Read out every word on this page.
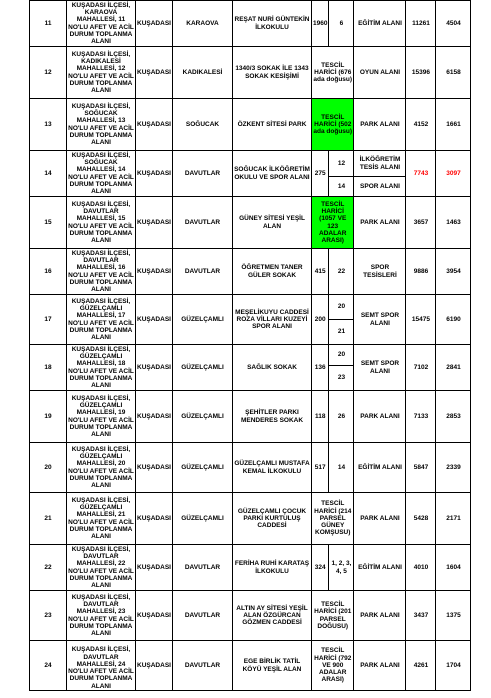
11	KUŞADASI İLÇESİ, KARAOVA MAHALLESİ, 11 NO'LU AFET VE ACİL DURUM TOPLANMA ALANI	KUŞADASI	KARAOVA	REŞAT NURİ GÜNTEKİN İLKOKULU	1960	6	EĞİTİM ALANI	11261	4504
12	KUŞADASI İLÇESİ, KADIKALESİ MAHALLESİ, 12 NO'LU AFET VE ACİL DURUM TOPLANMA ALANI	KUŞADASI	KADIKALESİ	1340/3 SOKAK İLE 1343 SOKAK KESİŞİMİ	TESCİL HARİCİ (676 ada doğusu)		OYUN ALANI	15396	6158
13	KUŞADASI İLÇESİ, SOĞUCAK MAHALLESİ, 13 NO'LU AFET VE ACİL DURUM TOPLANMA ALANI	KUŞADASI	SOĞUCAK	ÖZKENT SİTESİ PARK	TESCİL HARİCİ (502 ada doğusu)		PARK ALANI	4152	1661
14	KUŞADASI İLÇESİ, SOĞUCAK MAHALLESİ, 14 NO'LU AFET VE ACİL DURUM TOPLANMA ALANI	KUŞADASI	DAVUTLAR	SOĞUCAK İLKÖĞRETİM OKULU VE SPOR ALANI	275	12	İLKÖĞRETİM TESİS ALANI	7743	3097
						14	SPOR ALANI		
15	KUŞADASI İLÇESİ, DAVUTLAR MAHALLESİ, 15 NO'LU AFET VE ACİL DURUM TOPLANMA ALANI	KUŞADASI	DAVUTLAR	GÜNEY SİTESİ YEŞİL ALAN	TESCİL HARİCİ (1057 VE 123 ADALAR ARASI)		PARK ALANI	3657	1463
16	KUŞADASI İLÇESİ, DAVUTLAR MAHALLESİ, 16 NO'LU AFET VE ACİL DURUM TOPLANMA ALANI	KUŞADASI	DAVUTLAR	ÖĞRETMEN TANER GÜLER SOKAK	415	22	SPOR TESİSLERİ	9886	3954
17	KUŞADASI İLÇESİ, GÜZELÇAMLI MAHALLESİ, 17 NO'LU AFET VE ACİL DURUM TOPLANMA ALANI	KUŞADASI	GÜZELÇAMLI	MEŞELİKUYU CADDESİ ROZA VİLLARI KUZEYİ SPOR ALANI	200	20	SEMT SPOR ALANI	15475	6190
						21			
18	KUŞADASI İLÇESİ, GÜZELÇAMLI MAHALLESİ, 18 NO'LU AFET VE ACİL DURUM TOPLANMA ALANI	KUŞADASI	GÜZELÇAMLI	SAĞLIK SOKAK	136	20	SEMT SPOR ALANI	7102	2841
						23			
19	KUŞADASI İLÇESİ, GÜZELÇAMLI MAHALLESİ, 19 NO'LU AFET VE ACİL DURUM TOPLANMA ALANI	KUŞADASI	GÜZELÇAMLI	ŞEHİTLER PARKI MENDERES SOKAK	118	26	PARK ALANI	7133	2853
20	KUŞADASI İLÇESİ, GÜZELÇAMLI MAHALLESİ, 20 NO'LU AFET VE ACİL DURUM TOPLANMA ALANI	KUŞADASI	GÜZELÇAMLI	GÜZELÇAMLI MUSTAFA KEMAL İLKOKULU	517	14	EĞİTİM ALANI	5847	2339
21	KUŞADASI İLÇESİ, GÜZELÇAMLI MAHALLESİ, 21 NO'LU AFET VE ACİL DURUM TOPLANMA ALANI	KUŞADASI	GÜZELÇAMLI	GÜZELÇAMLI ÇOCUK PARKI KURTULUŞ CADDESİ	TESCİL HARİCİ (214 PARSEL GÜNEY KOMŞUSU)		PARK ALANI	5428	2171
22	KUŞADASI İLÇESİ, DAVUTLAR MAHALLESİ, 22 NO'LU AFET VE ACİL DURUM TOPLANMA ALANI	KUŞADASI	DAVUTLAR	FERİHA RUHİ KARATAŞ İLKOKULU	324	1, 2, 3, 4, 5	EĞİTİM ALANI	4010	1604
23	KUŞADASI İLÇESİ, DAVUTLAR MAHALLESİ, 23 NO'LU AFET VE ACİL DURUM TOPLANMA ALANI	KUŞADASI	DAVUTLAR	ALTIN AY SİTESİ YEŞİL ALAN ÖZGÜRCAN GÖZMEN CADDESİ	TESCİL HARİCİ (201 PARSEL DOĞUSU)		PARK ALANI	3437	1375
24	KUŞADASI İLÇESİ, DAVUTLAR MAHALLESİ, 24 NO'LU AFET VE ACİL DURUM TOPLANMA ALANI	KUŞADASI	DAVUTLAR	EGE BİRLİK TATİL KÖYÜ YEŞİL ALAN	TESCİL HARİCİ (792 VE 900 ADALAR ARASI)		PARK ALANI	4261	1704
